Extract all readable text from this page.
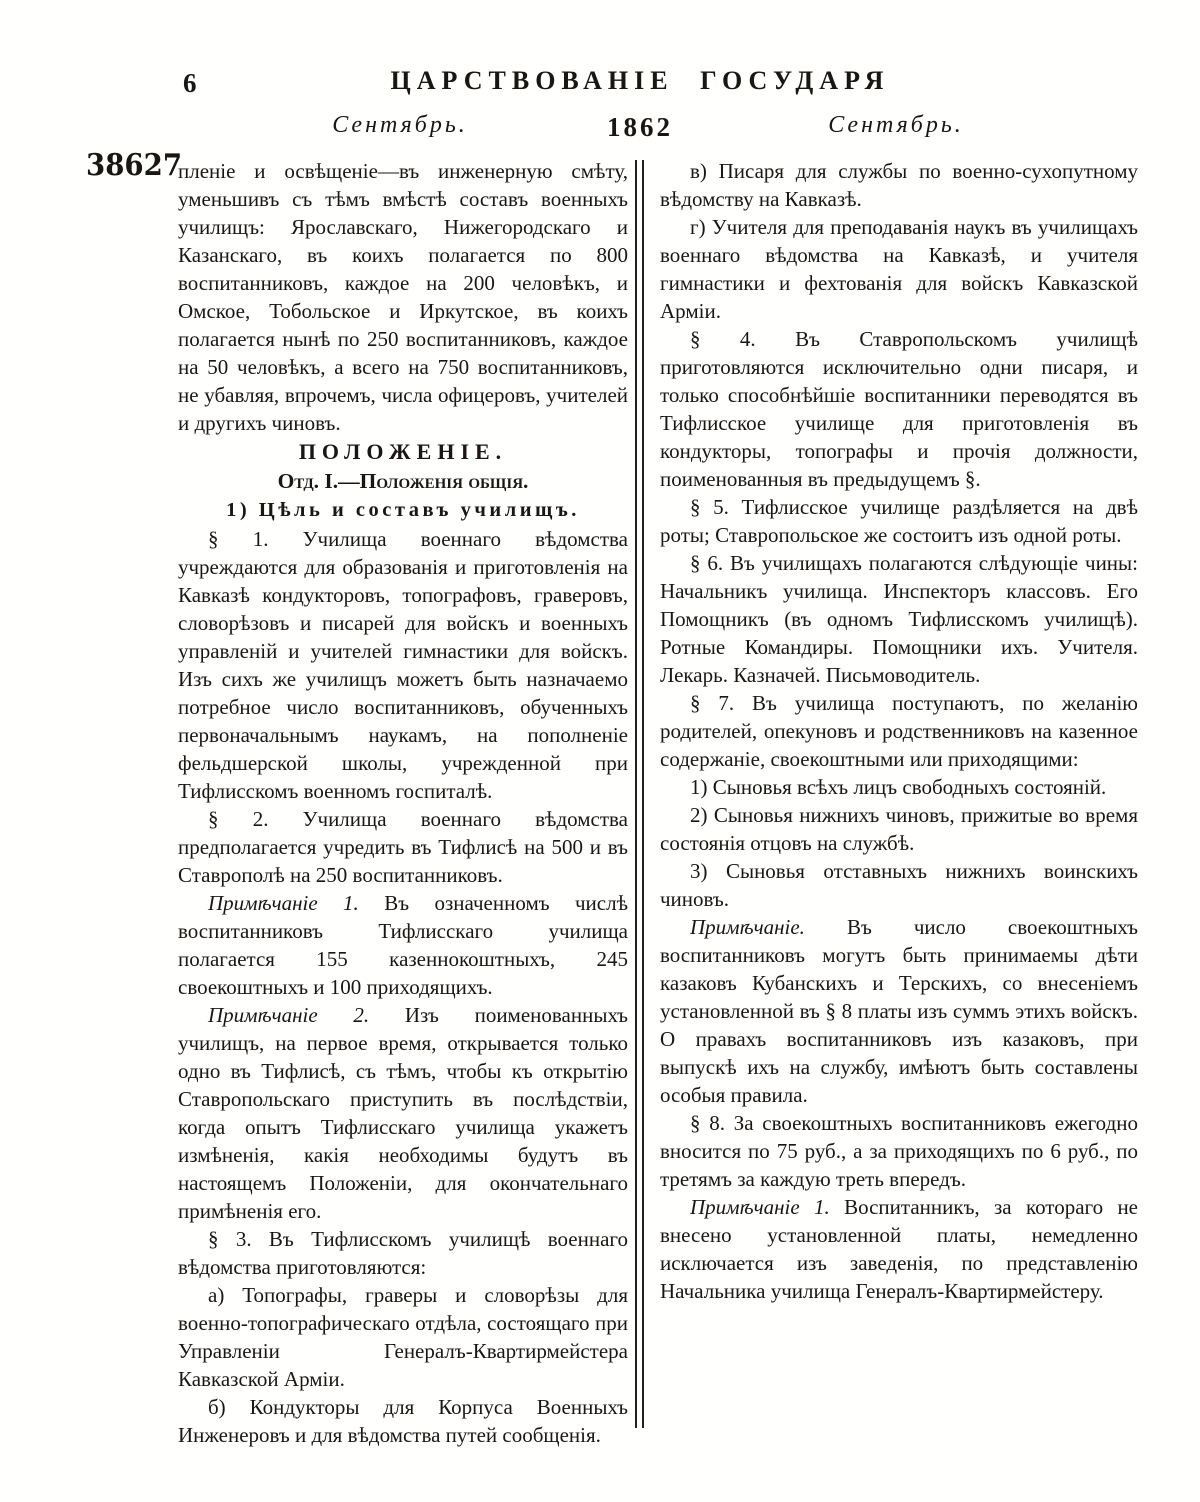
6	ЦАРСТВОВАНІЕ ГОСУДАРЯ
Сентябрь.	1862	Сентябрь.
38627

пленіе и освѣщеніе—въ инженерную смѣту, уменьшивъ съ тѣмъ вмѣстѣ составъ военныхъ училищъ: Ярославскаго, Нижегородскаго и Казанскаго, въ коихъ полагается по 800 воспитанниковъ, каждое на 200 человѣкъ, и Омское, Тобольское и Иркутское, въ коихъ полагается нынѣ по 250 воспитанниковъ, каждое на 50 человѣкъ, а всего на 750 воспитанниковъ, не убавляя, впрочемъ, числа офицеровъ, учителей и другихъ чиновъ.

ПОЛОЖЕНІЕ.

Отд. I.—Положенія общія.

1) Цѣль и составъ училищъ.

§ 1. Училища военнаго вѣдомства учреждаются для образованія и приготовленія на Кавказѣ кондукторовъ, топографовъ, граверовъ, словорѣзовъ и писарей для войскъ и военныхъ управленій и учителей гимнастики для войскъ. Изъ сихъ же училищъ можетъ быть назначаемо потребное число воспитанниковъ, обученныхъ первоначальнымъ наукамъ, на пополненіе фельдшерской школы, учрежденной при Тифлисскомъ военномъ госпиталѣ.

§ 2. Училища военнаго вѣдомства предполагается учредить въ Тифлисѣ на 500 и въ Ставрополѣ на 250 воспитанниковъ.

Примѣчаніе 1. Въ означенномъ числѣ воспитанниковъ Тифлисскаго училища полагается 155 казеннокоштныхъ, 245 своекоштныхъ и 100 приходящихъ.

Примѣчаніе 2. Изъ поименованныхъ училищъ, на первое время, открывается только одно въ Тифлисѣ, съ тѣмъ, чтобы къ открытію Ставропольскаго приступить въ послѣдствіи, когда опытъ Тифлисскаго училища укажетъ измѣненія, какія необходимы будутъ въ настоящемъ Положеніи, для окончательнаго примѣненія его.

§ 3. Въ Тифлисскомъ училищѣ военнаго вѣдомства приготовляются:

а) Топографы, граверы и словорѣзы для военно-топографическаго отдѣла, состоящаго при Управленіи Генералъ-Квартирмейстера Кавказской Арміи.

б) Кондукторы для Корпуса Военныхъ Инженеровъ и для вѣдомства путей сообщенія.

в) Писаря для службы по военно-сухопутному вѣдомству на Кавказѣ.

г) Учителя для преподаванія наукъ въ училищахъ военнаго вѣдомства на Кавказѣ, и учителя гимнастики и фехтованія для войскъ Кавказской Арміи.

§ 4. Въ Ставропольскомъ училищѣ приготовляются исключительно одни писаря, и только способнѣйшіе воспитанники переводятся въ Тифлисское училище для приготовленія въ кондукторы, топографы и прочія должности, поименованныя въ предыдущемъ §.

§ 5. Тифлисское училище раздѣляется на двѣ роты; Ставропольское же состоитъ изъ одной роты.

§ 6. Въ училищахъ полагаются слѣдующіе чины: Начальникъ училища. Инспекторъ классовъ. Его Помощникъ (въ одномъ Тифлисскомъ училищѣ). Ротные Командиры. Помощники ихъ. Учителя. Лекарь. Казначей. Письмоводитель.

§ 7. Въ училища поступаютъ, по желанію родителей, опекуновъ и родственниковъ на казенное содержаніе, своекоштными или приходящими:

1) Сыновья всѣхъ лицъ свободныхъ состояній.

2) Сыновья нижнихъ чиновъ, прижитые во время состоянія отцовъ на службѣ.

3) Сыновья отставныхъ нижнихъ воинскихъ чиновъ.

Примѣчаніе. Въ число своекоштныхъ воспитанниковъ могутъ быть принимаемы дѣти казаковъ Кубанскихъ и Терскихъ, со внесеніемъ установленной въ § 8 платы изъ суммъ этихъ войскъ. О правахъ воспитанниковъ изъ казаковъ, при выпускѣ ихъ на службу, имѣютъ быть составлены особыя правила.

§ 8. За своекоштныхъ воспитанниковъ ежегодно вносится по 75 руб., а за приходящихъ по 6 руб., по третямъ за каждую треть впередъ.

Примѣчаніе 1. Воспитанникъ, за котораго не внесено установленной платы, немедленно исключается изъ заведенія, по представленію Начальника училища Генералъ-Квартирмейстеру.
